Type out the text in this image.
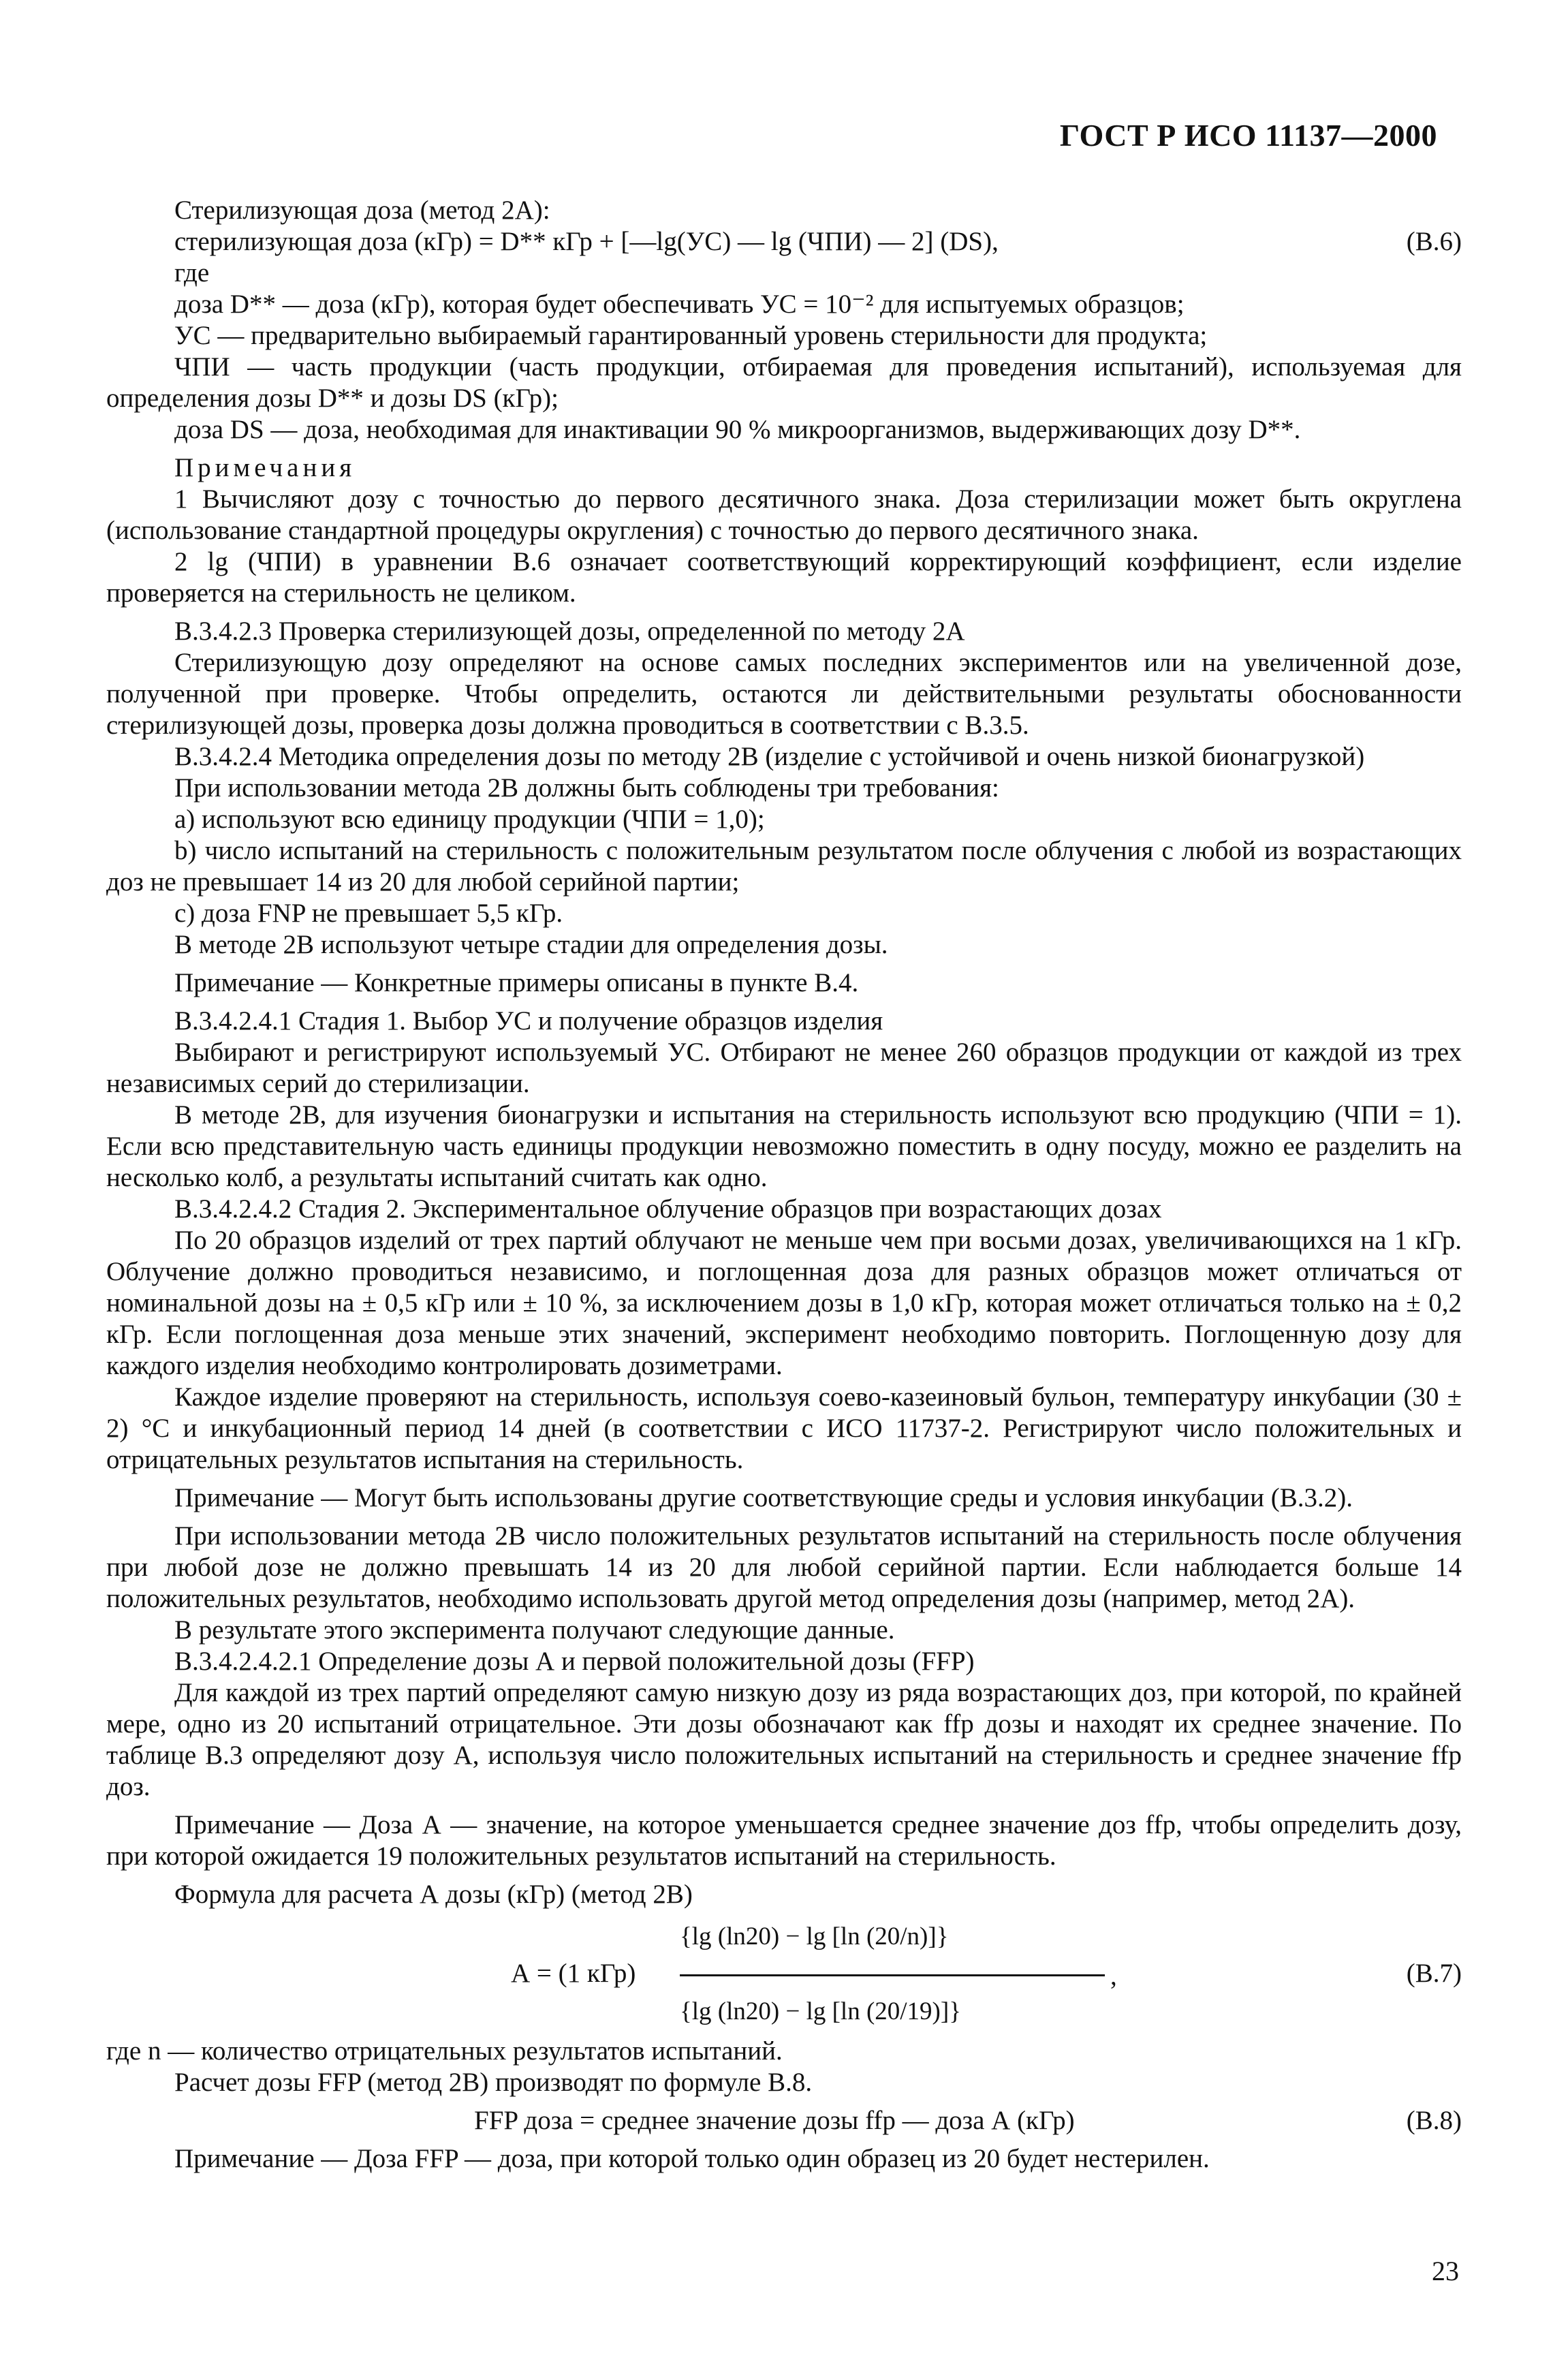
ГОСТ Р ИСО 11137—2000

Стерилизующая доза (метод 2А):

стерилизующая доза (кГр) = D** кГр + [—lg(УС) — lg (ЧПИ) — 2] (DS),	(В.6)

где

доза D** — доза (кГр), которая будет обеспечивать УС = 10⁻² для испытуемых образцов;

УС — предварительно выбираемый гарантированный уровень стерильности для продукта;

ЧПИ — часть продукции (часть продукции, отбираемая для проведения испытаний), используемая для определения дозы D** и дозы DS (кГр);

доза DS — доза, необходимая для инактивации 90 % микроорганизмов, выдерживающих дозу D**.

Примечания

1 Вычисляют дозу с точностью до первого десятичного знака. Доза стерилизации может быть округлена (использование стандартной процедуры округления) с точностью до первого десятичного знака.

2 lg (ЧПИ) в уравнении В.6 означает соответствующий корректирующий коэффициент, если изделие проверяется на стерильность не целиком.

В.3.4.2.3 Проверка стерилизующей дозы, определенной по методу 2А

Стерилизующую дозу определяют на основе самых последних экспериментов или на увеличенной дозе, полученной при проверке. Чтобы определить, остаются ли действительными результаты обоснованности стерилизующей дозы, проверка дозы должна проводиться в соответствии с В.3.5.

В.3.4.2.4 Методика определения дозы по методу 2В (изделие с устойчивой и очень низкой бионагрузкой)

При использовании метода 2В должны быть соблюдены три требования:

а) используют всю единицу продукции (ЧПИ = 1,0);

b) число испытаний на стерильность с положительным результатом после облучения с любой из возрастающих доз не превышает 14 из 20 для любой серийной партии;

с) доза FNP не превышает 5,5 кГр.

В методе 2В используют четыре стадии для определения дозы.

Примечание — Конкретные примеры описаны в пункте В.4.

В.3.4.2.4.1 Стадия 1. Выбор УС и получение образцов изделия

Выбирают и регистрируют используемый УС. Отбирают не менее 260 образцов продукции от каждой из трех независимых серий до стерилизации.

В методе 2В, для изучения бионагрузки и испытания на стерильность используют всю продукцию (ЧПИ = 1). Если всю представительную часть единицы продукции невозможно поместить в одну посуду, можно ее разделить на несколько колб, а результаты испытаний считать как одно.

В.3.4.2.4.2 Стадия 2. Экспериментальное облучение образцов при возрастающих дозах

По 20 образцов изделий от трех партий облучают не меньше чем при восьми дозах, увеличивающихся на 1 кГр. Облучение должно проводиться независимо, и поглощенная доза для разных образцов может отличаться от номинальной дозы на ± 0,5 кГр или ± 10 %, за исключением дозы в 1,0 кГр, которая может отличаться только на ± 0,2 кГр. Если поглощенная доза меньше этих значений, эксперимент необходимо повторить. Поглощенную дозу для каждого изделия необходимо контролировать дозиметрами.

Каждое изделие проверяют на стерильность, используя соево-казеиновый бульон, температуру инкубации (30 ± 2) °С и инкубационный период 14 дней (в соответствии с ИСО 11737-2. Регистрируют число положительных и отрицательных результатов испытания на стерильность.

Примечание — Могут быть использованы другие соответствующие среды и условия инкубации (В.3.2).

При использовании метода 2В число положительных результатов испытаний на стерильность после облучения при любой дозе не должно превышать 14 из 20 для любой серийной партии. Если наблюдается больше 14 положительных результатов, необходимо использовать другой метод определения дозы (например, метод 2А).

В результате этого эксперимента получают следующие данные.

В.3.4.2.4.2.1 Определение дозы А и первой положительной дозы (FFP)

Для каждой из трех партий определяют самую низкую дозу из ряда возрастающих доз, при которой, по крайней мере, одно из 20 испытаний отрицательное. Эти дозы обозначают как ffp дозы и находят их среднее значение. По таблице В.3 определяют дозу А, используя число положительных испытаний на стерильность и среднее значение ffp доз.

Примечание — Доза А — значение, на которое уменьшается среднее значение доз ffp, чтобы определить дозу, при которой ожидается 19 положительных результатов испытаний на стерильность.

Формула для расчета А дозы (кГр) (метод 2В)

А = (1 кГр)
{lg (ln20) − lg [ln (20/n)]}
{lg (ln20) − lg [ln (20/19)]}
,	(В.7)

где n — количество отрицательных результатов испытаний.

Расчет дозы FFP (метод 2В) производят по формуле В.8.

FFP доза = среднее значение дозы ffp — доза А (кГр)	(В.8)

Примечание — Доза FFP — доза, при которой только один образец из 20 будет нестерилен.

23
